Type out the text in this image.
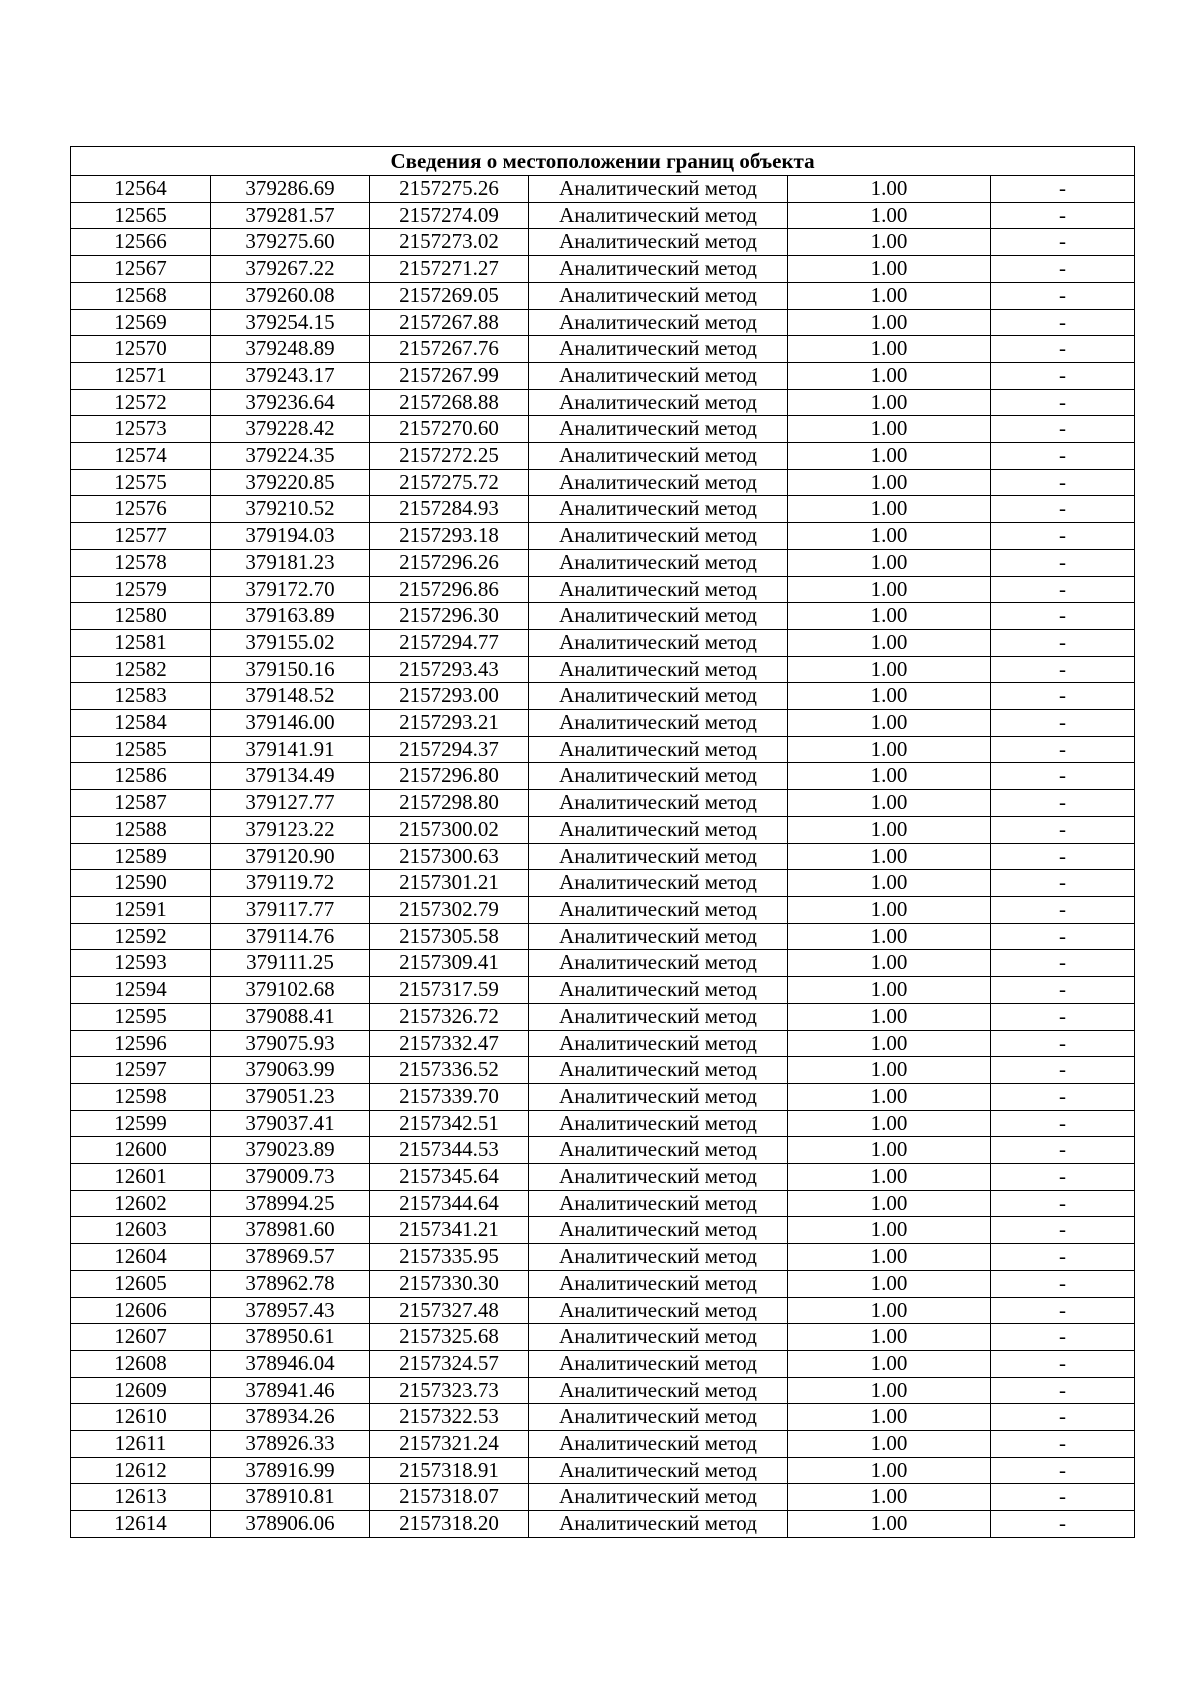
Сведения о местоположении границ объекта					
12564	379286.69	2157275.26	Аналитический метод	1.00	-
12565	379281.57	2157274.09	Аналитический метод	1.00	-
12566	379275.60	2157273.02	Аналитический метод	1.00	-
12567	379267.22	2157271.27	Аналитический метод	1.00	-
12568	379260.08	2157269.05	Аналитический метод	1.00	-
12569	379254.15	2157267.88	Аналитический метод	1.00	-
12570	379248.89	2157267.76	Аналитический метод	1.00	-
12571	379243.17	2157267.99	Аналитический метод	1.00	-
12572	379236.64	2157268.88	Аналитический метод	1.00	-
12573	379228.42	2157270.60	Аналитический метод	1.00	-
12574	379224.35	2157272.25	Аналитический метод	1.00	-
12575	379220.85	2157275.72	Аналитический метод	1.00	-
12576	379210.52	2157284.93	Аналитический метод	1.00	-
12577	379194.03	2157293.18	Аналитический метод	1.00	-
12578	379181.23	2157296.26	Аналитический метод	1.00	-
12579	379172.70	2157296.86	Аналитический метод	1.00	-
12580	379163.89	2157296.30	Аналитический метод	1.00	-
12581	379155.02	2157294.77	Аналитический метод	1.00	-
12582	379150.16	2157293.43	Аналитический метод	1.00	-
12583	379148.52	2157293.00	Аналитический метод	1.00	-
12584	379146.00	2157293.21	Аналитический метод	1.00	-
12585	379141.91	2157294.37	Аналитический метод	1.00	-
12586	379134.49	2157296.80	Аналитический метод	1.00	-
12587	379127.77	2157298.80	Аналитический метод	1.00	-
12588	379123.22	2157300.02	Аналитический метод	1.00	-
12589	379120.90	2157300.63	Аналитический метод	1.00	-
12590	379119.72	2157301.21	Аналитический метод	1.00	-
12591	379117.77	2157302.79	Аналитический метод	1.00	-
12592	379114.76	2157305.58	Аналитический метод	1.00	-
12593	379111.25	2157309.41	Аналитический метод	1.00	-
12594	379102.68	2157317.59	Аналитический метод	1.00	-
12595	379088.41	2157326.72	Аналитический метод	1.00	-
12596	379075.93	2157332.47	Аналитический метод	1.00	-
12597	379063.99	2157336.52	Аналитический метод	1.00	-
12598	379051.23	2157339.70	Аналитический метод	1.00	-
12599	379037.41	2157342.51	Аналитический метод	1.00	-
12600	379023.89	2157344.53	Аналитический метод	1.00	-
12601	379009.73	2157345.64	Аналитический метод	1.00	-
12602	378994.25	2157344.64	Аналитический метод	1.00	-
12603	378981.60	2157341.21	Аналитический метод	1.00	-
12604	378969.57	2157335.95	Аналитический метод	1.00	-
12605	378962.78	2157330.30	Аналитический метод	1.00	-
12606	378957.43	2157327.48	Аналитический метод	1.00	-
12607	378950.61	2157325.68	Аналитический метод	1.00	-
12608	378946.04	2157324.57	Аналитический метод	1.00	-
12609	378941.46	2157323.73	Аналитический метод	1.00	-
12610	378934.26	2157322.53	Аналитический метод	1.00	-
12611	378926.33	2157321.24	Аналитический метод	1.00	-
12612	378916.99	2157318.91	Аналитический метод	1.00	-
12613	378910.81	2157318.07	Аналитический метод	1.00	-
12614	378906.06	2157318.20	Аналитический метод	1.00	-
